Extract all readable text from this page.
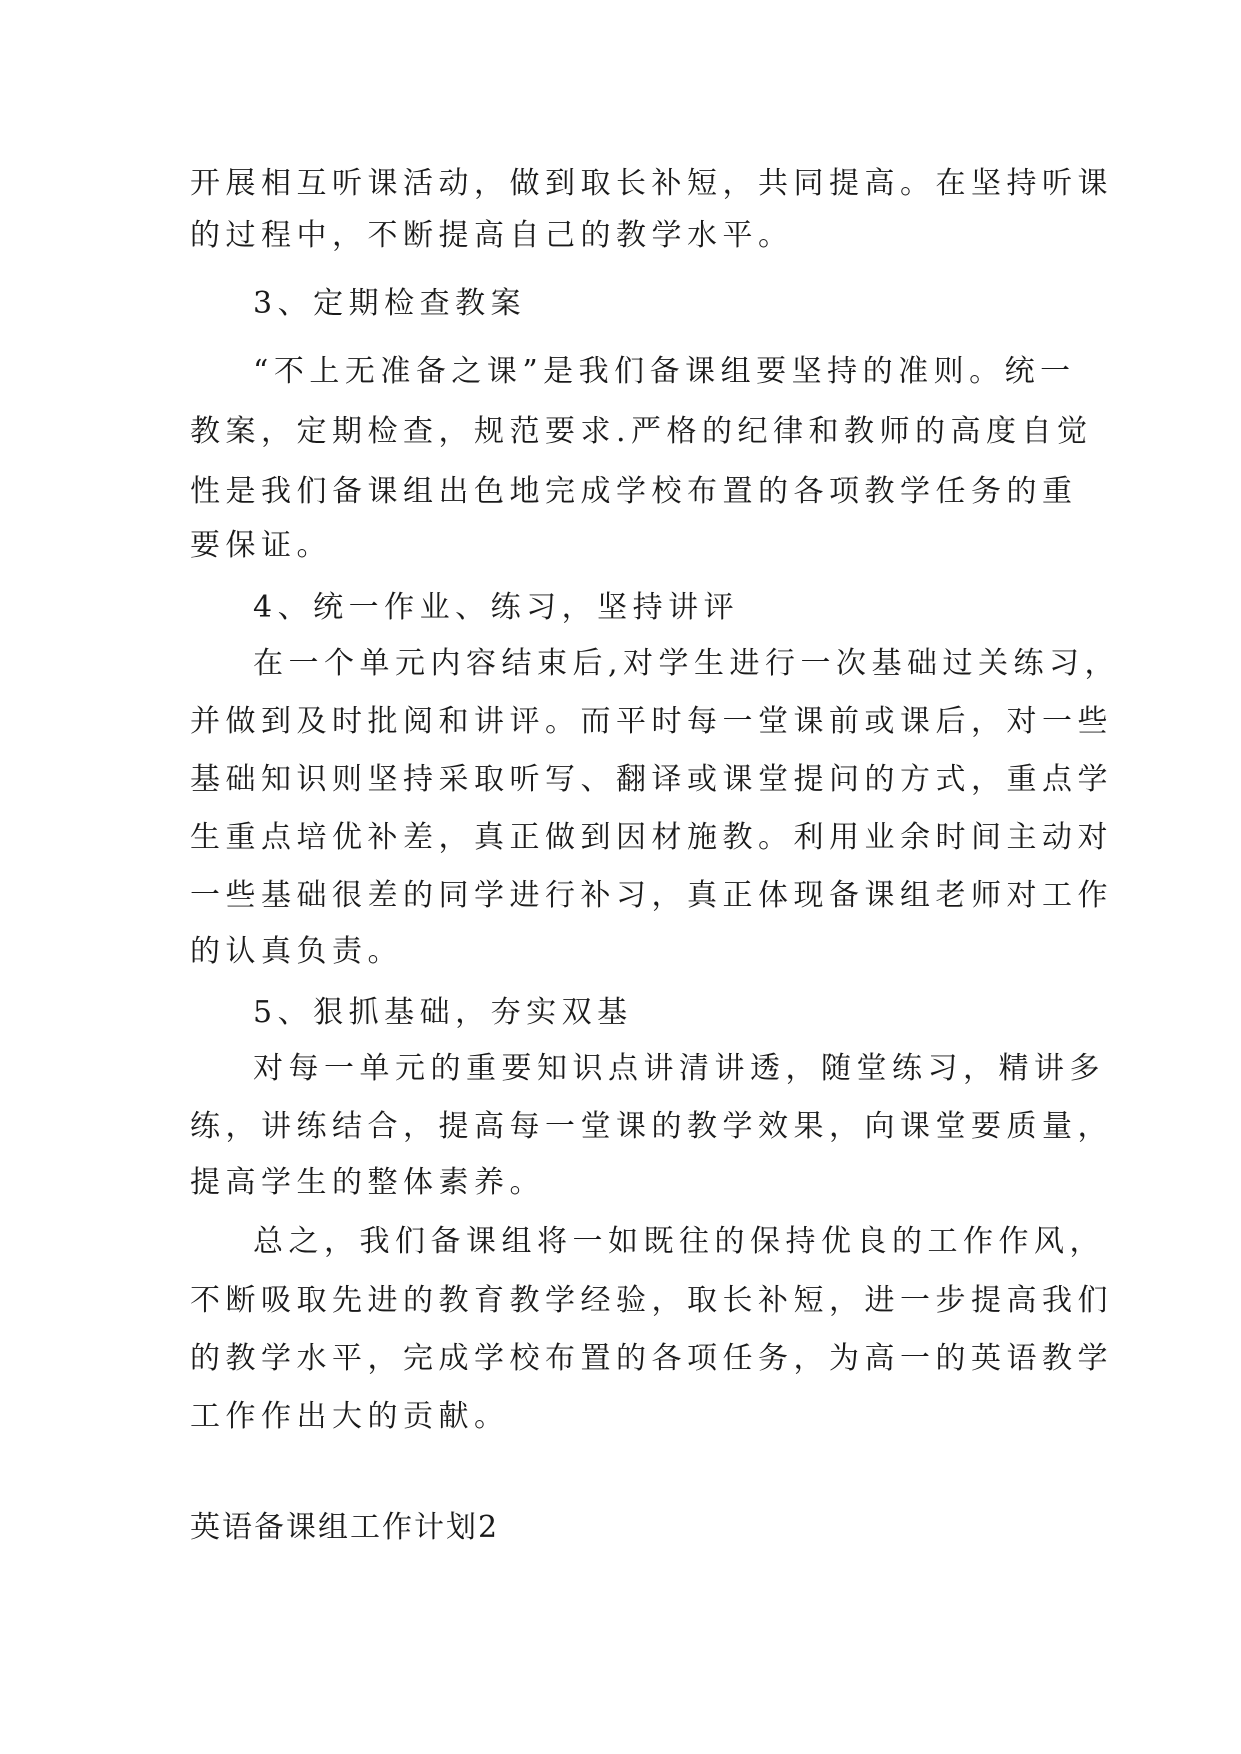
开展相互听课活动，做到取长补短，共同提高。在坚持听课
的过程中，不断提高自己的教学水平。
3、定期检查教案
“不上无准备之课”是我们备课组要坚持的准则。统一
教案，定期检查，规范要求.严格的纪律和教师的高度自觉
性是我们备课组出色地完成学校布置的各项教学任务的重
要保证。
4、统一作业、练习，坚持讲评
在一个单元内容结束后,对学生进行一次基础过关练习，
并做到及时批阅和讲评。而平时每一堂课前或课后，对一些
基础知识则坚持采取听写、翻译或课堂提问的方式，重点学
生重点培优补差，真正做到因材施教。利用业余时间主动对
一些基础很差的同学进行补习，真正体现备课组老师对工作
的认真负责。
5、狠抓基础，夯实双基
对每一单元的重要知识点讲清讲透，随堂练习，精讲多
练，讲练结合，提高每一堂课的教学效果，向课堂要质量，
提高学生的整体素养。
总之，我们备课组将一如既往的保持优良的工作作风，
不断吸取先进的教育教学经验，取长补短，进一步提高我们
的教学水平，完成学校布置的各项任务，为高一的英语教学
工作作出大的贡献。
英语备课组工作计划2
